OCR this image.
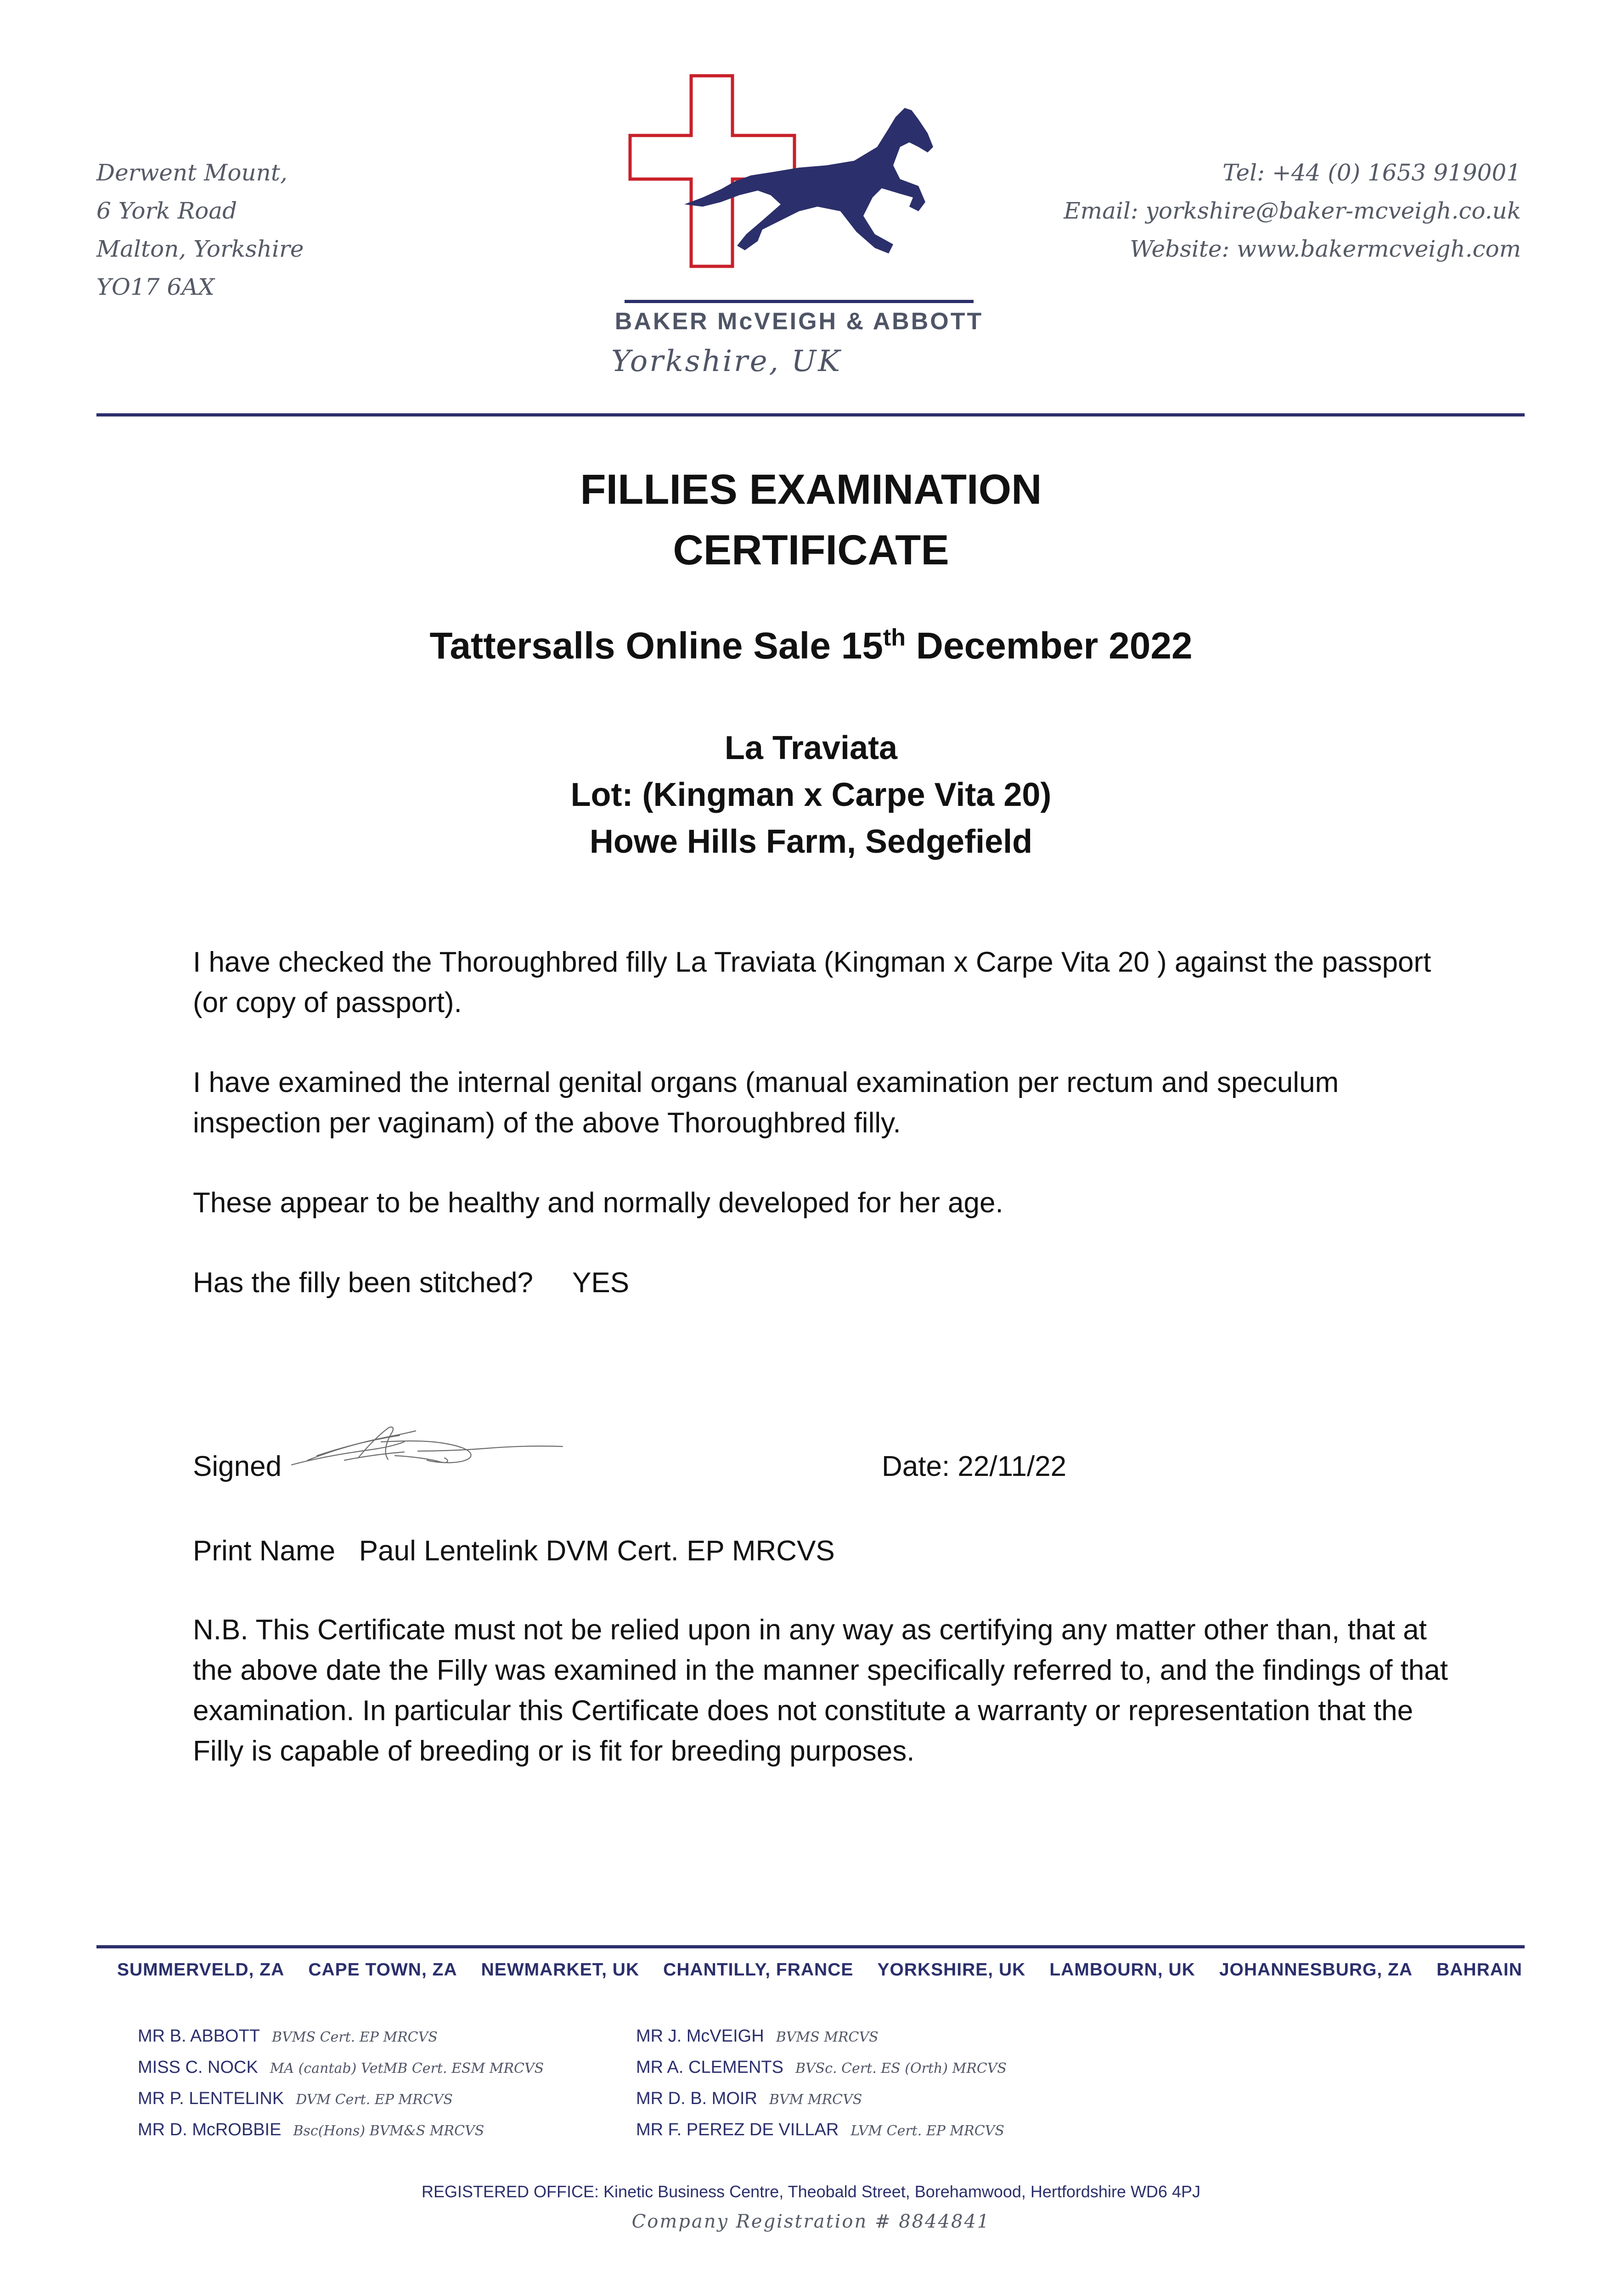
Derwent Mount,
6 York Road
Malton, Yorkshire
YO17 6AX
BAKER McVEIGH & ABBOTT
Yorkshire, UK
Tel: +44 (0) 1653 919001
Email: yorkshire@baker-mcveigh.co.uk
Website: www.bakermcveigh.com
FILLIES EXAMINATION
CERTIFICATE
Tattersalls Online Sale 15th December 2022
La Traviata
Lot: (Kingman x Carpe Vita 20)
Howe Hills Farm, Sedgefield
I have checked the Thoroughbred filly La Traviata (Kingman x Carpe Vita 20 ) against the passport (or copy of passport).
I have examined the internal genital organs (manual examination per rectum and speculum inspection per vaginam) of the above Thoroughbred filly.
These appear to be healthy and normally developed for her age.
Has the filly been stitched?     YES
Signed	Date: 22/11/22
Print Name   Paul Lentelink DVM Cert. EP MRCVS
N.B. This Certificate must not be relied upon in any way as certifying any matter other than, that at the above date the Filly was examined in the manner specifically referred to, and the findings of that examination. In particular this Certificate does not constitute a warranty or representation that the Filly is capable of breeding or is fit for breeding purposes.
SUMMERVELD, ZA CAPE TOWN, ZA NEWMARKET, UK CHANTILLY, FRANCE YORKSHIRE, UK LAMBOURN, UK JOHANNESBURG, ZA BAHRAIN
MR B. ABBOTT BVMS Cert. EP MRCVS
MISS C. NOCK MA (cantab) VetMB Cert. ESM MRCVS
MR P. LENTELINK DVM Cert. EP MRCVS
MR D. McROBBIE Bsc(Hons) BVM&S MRCVS
MR J. McVEIGH BVMS MRCVS
MR A. CLEMENTS BVSc. Cert. ES (Orth) MRCVS
MR D. B. MOIR BVM MRCVS
MR F. PEREZ DE VILLAR LVM Cert. EP MRCVS
REGISTERED OFFICE: Kinetic Business Centre, Theobald Street, Borehamwood, Hertfordshire WD6 4PJ
Company Registration # 8844841
